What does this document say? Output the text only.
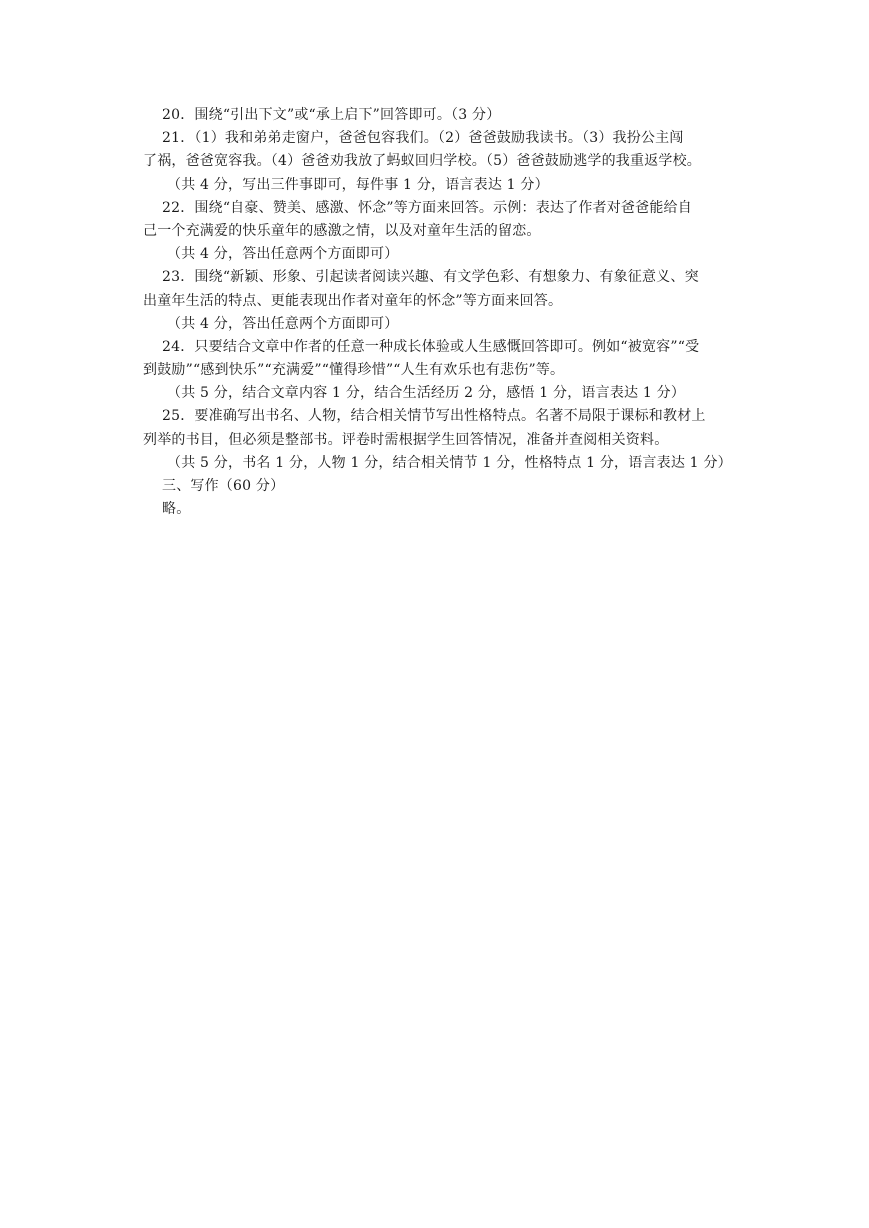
20．围绕“引出下文”或“承上启下”回答即可。（3 分）
21．（1）我和弟弟走窗户，爸爸包容我们。（2）爸爸鼓励我读书。（3）我扮公主闯
了祸，爸爸宽容我。（4）爸爸劝我放了蚂蚁回归学校。（5）爸爸鼓励逃学的我重返学校。
（共 4 分，写出三件事即可，每件事 1 分，语言表达 1 分）
22．围绕“自豪、赞美、感激、怀念”等方面来回答。示例：表达了作者对爸爸能给自
己一个充满爱的快乐童年的感激之情，以及对童年生活的留恋。
（共 4 分，答出任意两个方面即可）
23．围绕“新颖、形象、引起读者阅读兴趣、有文学色彩、有想象力、有象征意义、突
出童年生活的特点、更能表现出作者对童年的怀念”等方面来回答。
（共 4 分，答出任意两个方面即可）
24．只要结合文章中作者的任意一种成长体验或人生感慨回答即可。例如“被宽容”“受
到鼓励”“感到快乐”“充满爱”“懂得珍惜”“人生有欢乐也有悲伤”等。
（共 5 分，结合文章内容 1 分，结合生活经历 2 分，感悟 1 分，语言表达 1 分）
25．要准确写出书名、人物，结合相关情节写出性格特点。名著不局限于课标和教材上
列举的书目，但必须是整部书。评卷时需根据学生回答情况，准备并查阅相关资料。
（共 5 分，书名 1 分，人物 1 分，结合相关情节 1 分，性格特点 1 分，语言表达 1 分）
三、写作（60 分）
略。
